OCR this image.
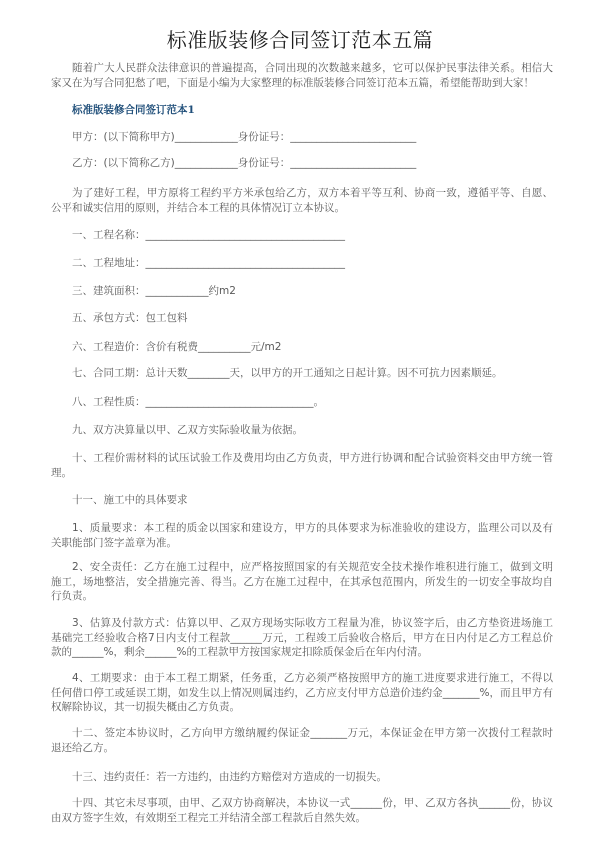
标准版装修合同签订范本五篇
随着广大人民群众法律意识的普遍提高，合同出现的次数越来越多，它可以保护民事法律关系。相信大
家又在为写合同犯愁了吧，下面是小编为大家整理的标准版装修合同签订范本五篇，希望能帮助到大家！
标准版装修合同签订范本1
甲方：(以下简称甲方)____________身份证号：________________________
乙方：(以下简称乙方)____________身份证号：________________________
为了建好工程，甲方原将工程约平方米承包给乙方，双方本着平等互利、协商一致，遵循平等、自愿、
公平和诚实信用的原则，并结合本工程的具体情况订立本协议。
一、工程名称：______________________________________
二、工程地址：______________________________________
三、建筑面积：____________约m2
五、承包方式：包工包料
六、工程造价：含价有税费__________元/m2
七、合同工期：总计天数________天，以甲方的开工通知之日起计算。因不可抗力因素顺延。
八、工程性质：________________________________。
九、双方决算量以甲、乙双方实际验收量为依据。
十、工程价需材料的试压试验工作及费用均由乙方负责，甲方进行协调和配合试验资料交由甲方统一管
理。
十一、施工中的具体要求
1、质量要求：本工程的质金以国家和建设方，甲方的具体要求为标准验收的建设方，监理公司以及有
关职能部门签字盖章为准。
2、安全责任：乙方在施工过程中，应严格按照国家的有关规范安全技术操作堆积进行施工，做到文明
施工，场地整洁，安全措施完善、得当。乙方在施工过程中，在其承包范围内，所发生的一切安全事故均自
行负责。
3、估算及付款方式：估算以甲、乙双方现场实际收方工程量为准，协议签字后，由乙方垫资进场施工
基础完工经验收合格7日内支付工程款______万元，工程竣工后验收合格后，甲方在日内付足乙方工程总价
款的______%，剩余______%的工程款甲方按国家规定扣除质保金后在年内付清。
4、工期要求：由于本工程工期紧，任务重，乙方必须严格按照甲方的施工进度要求进行施工，不得以
任何借口停工或延误工期，如发生以上情况则属违约，乙方应支付甲方总造价违约金_______%，而且甲方有
权解除协议，其一切损失概由乙方负责。
十二、签定本协议时，乙方向甲方缴纳履约保证金_______万元，本保证金在甲方第一次拨付工程款时
退还给乙方。
十三、违约责任：若一方违约，由违约方赔偿对方造成的一切损失。
十四、其它未尽事项，由甲、乙双方协商解决，本协议一式______份，甲、乙双方各执______份，协议
由双方签字生效，有效期至工程完工并结清全部工程款后自然失效。
